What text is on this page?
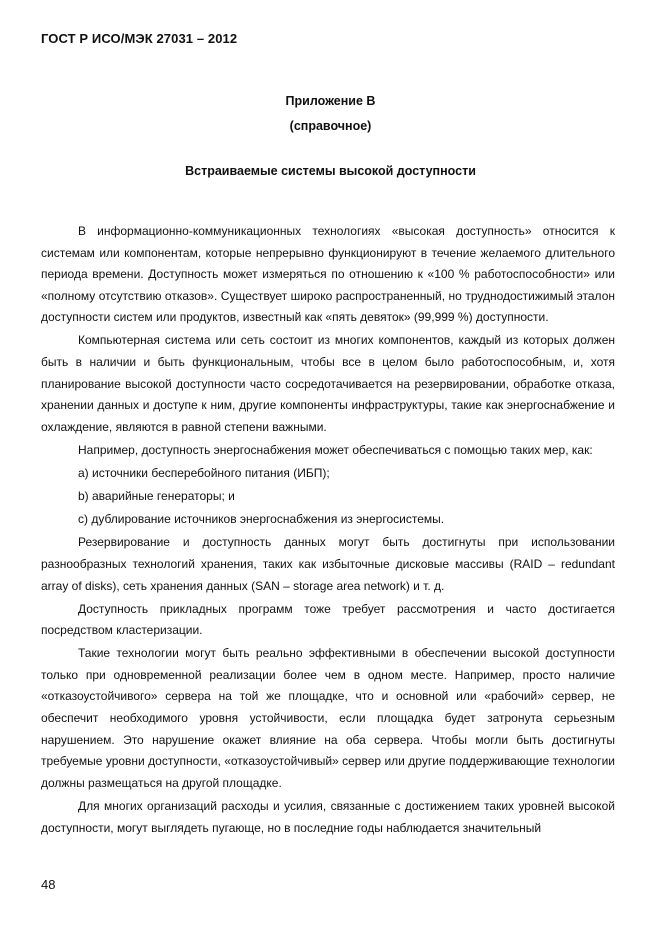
ГОСТ Р ИСО/МЭК 27031 – 2012
Приложение В
(справочное)
Встраиваемые системы высокой доступности

В информационно-коммуникационных технологиях «высокая доступность» относится к системам или компонентам, которые непрерывно функционируют в течение желаемого длительного периода времени. Доступность может измеряться по отношению к «100 % работоспособности» или «полному отсутствию отказов». Существует широко распространенный, но труднодостижимый эталон доступности систем или продуктов, известный как «пять девяток» (99,999 %) доступности.

Компьютерная система или сеть состоит из многих компонентов, каждый из которых должен быть в наличии и быть функциональным, чтобы все в целом было работоспособным, и, хотя планирование высокой доступности часто сосредотачивается на резервировании, обработке отказа, хранении данных и доступе к ним, другие компоненты инфраструктуры, такие как энергоснабжение и охлаждение, являются в равной степени важными.

Например, доступность энергоснабжения может обеспечиваться с помощью таких мер, как:

а) источники бесперебойного питания (ИБП);
b) аварийные генераторы; и
с) дублирование источников энергоснабжения из энергосистемы.

Резервирование и доступность данных могут быть достигнуты при использовании разнообразных технологий хранения, таких как избыточные дисковые массивы (RAID – redundant array of disks), сеть хранения данных (SAN – storage area network) и т. д.

Доступность прикладных программ тоже требует рассмотрения и часто достигается посредством кластеризации.

Такие технологии могут быть реально эффективными в обеспечении высокой доступности только при одновременной реализации более чем в одном месте. Например, просто наличие «отказоустойчивого» сервера на той же площадке, что и основной или «рабочий» сервер, не обеспечит необходимого уровня устойчивости, если площадка будет затронута серьезным нарушением. Это нарушение окажет влияние на оба сервера. Чтобы могли быть достигнуты требуемые уровни доступности, «отказоустойчивый» сервер или другие поддерживающие технологии должны размещаться на другой площадке.

Для многих организаций расходы и усилия, связанные с достижением таких уровней высокой доступности, могут выглядеть пугающе, но в последние годы наблюдается значительный

48
